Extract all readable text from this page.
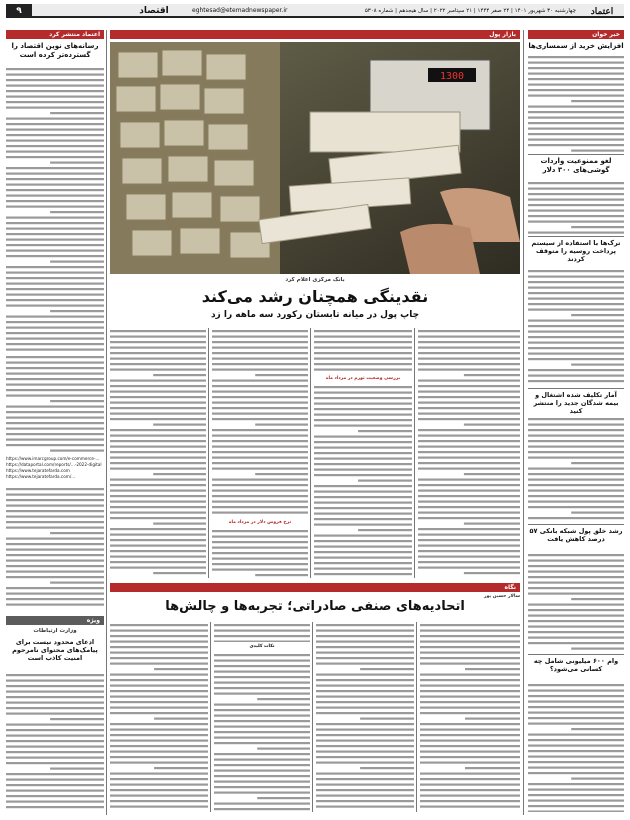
۹	اقتصاد	eghtesad@etemadnewspaper.ir	چهارشنبه ۳۰ شهریور ۱۴۰۱ | ۲۴ صفر ۱۴۴۴ | ۲۱ سپتامبر ۲۰۲۲ | سال هیجدهم | شماره ۵۳۰۸	اعتماد
خبر خوان
افزایش خرید از سمساری‌ها
لغو ممنوعیت واردات گوشی‌های ۳۰۰ دلار
ترک‌ها با استفاده از سیستم پرداخت روسیه را متوقف کردند
آمار تکلیف شده اشتغال و بیمه شدگان جدید را منتشر کنید
رشد خلق پول شبکه بانکی ۵۷ درصد کاهش یافت
وام ۶۰۰ میلیونی شامل چه کسانی می‌شود؟
بازار پول
1300
بانک مرکزی اعلام کرد
نقدینگی همچنان رشد می‌کند
چاپ پول در میانه تابستان رکورد سه ماهه را زد
بررسی وضعیت تورم در مرداد ماه
نرخ فروش دلار در مرداد ماه
اعتماد منتشر کرد
رسانه‌های نوین اقتصاد را گسترده‌تر کرده است
https://www.imarcgroup.com/e-commerce-...
https://dataportal.com/reports/...-2022-digital
https://www.tejaratefarda.com
https://www.tejaratefarda.com/...
ویژه
وزارت ارتباطات
ادعای محدود نیست برای پیامک‌های محتوای نامرحوم امنیت کاذب است
نگاه
سالار حسین پور
اتحادیه‌های صنفی صادراتی؛ تجربه‌ها و چالش‌ها
نکات کلیدی
